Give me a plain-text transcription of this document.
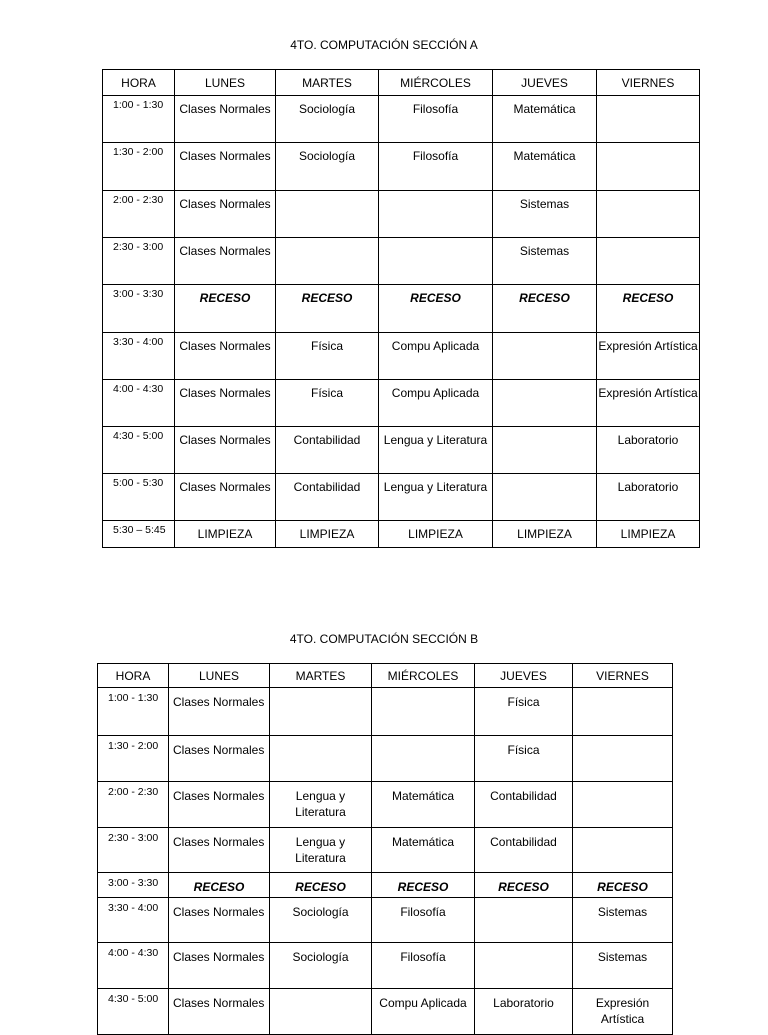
4TO. COMPUTACIÓN SECCIÓN A
HORA	LUNES	MARTES	MIÉRCOLES	JUEVES	VIERNES
1:00 - 1:30	Clases Normales	Sociología	Filosofía	Matemática	
1:30 - 2:00	Clases Normales	Sociología	Filosofía	Matemática	
2:00 - 2:30	Clases Normales			Sistemas	
2:30 - 3:00	Clases Normales			Sistemas	
3:00 - 3:30	RECESO	RECESO	RECESO	RECESO	RECESO
3:30 - 4:00	Clases Normales	Física	Compu Aplicada		Expresión Artística
4:00 - 4:30	Clases Normales	Física	Compu Aplicada		Expresión Artística
4:30 - 5:00	Clases Normales	Contabilidad	Lengua y Literatura		Laboratorio
5:00 - 5:30	Clases Normales	Contabilidad	Lengua y Literatura		Laboratorio
5:30 – 5:45	LIMPIEZA	LIMPIEZA	LIMPIEZA	LIMPIEZA	LIMPIEZA
4TO. COMPUTACIÓN SECCIÓN B
HORA	LUNES	MARTES	MIÉRCOLES	JUEVES	VIERNES
1:00 - 1:30	Clases Normales			Física	
1:30 - 2:00	Clases Normales			Física	
2:00 - 2:30	Clases Normales	Lengua y Literatura	Matemática	Contabilidad	
2:30 - 3:00	Clases Normales	Lengua y Literatura	Matemática	Contabilidad	
3:00 - 3:30	RECESO	RECESO	RECESO	RECESO	RECESO
3:30 - 4:00	Clases Normales	Sociología	Filosofía		Sistemas
4:00 - 4:30	Clases Normales	Sociología	Filosofía		Sistemas
4:30 - 5:00	Clases Normales		Compu Aplicada	Laboratorio	Expresión Artística
